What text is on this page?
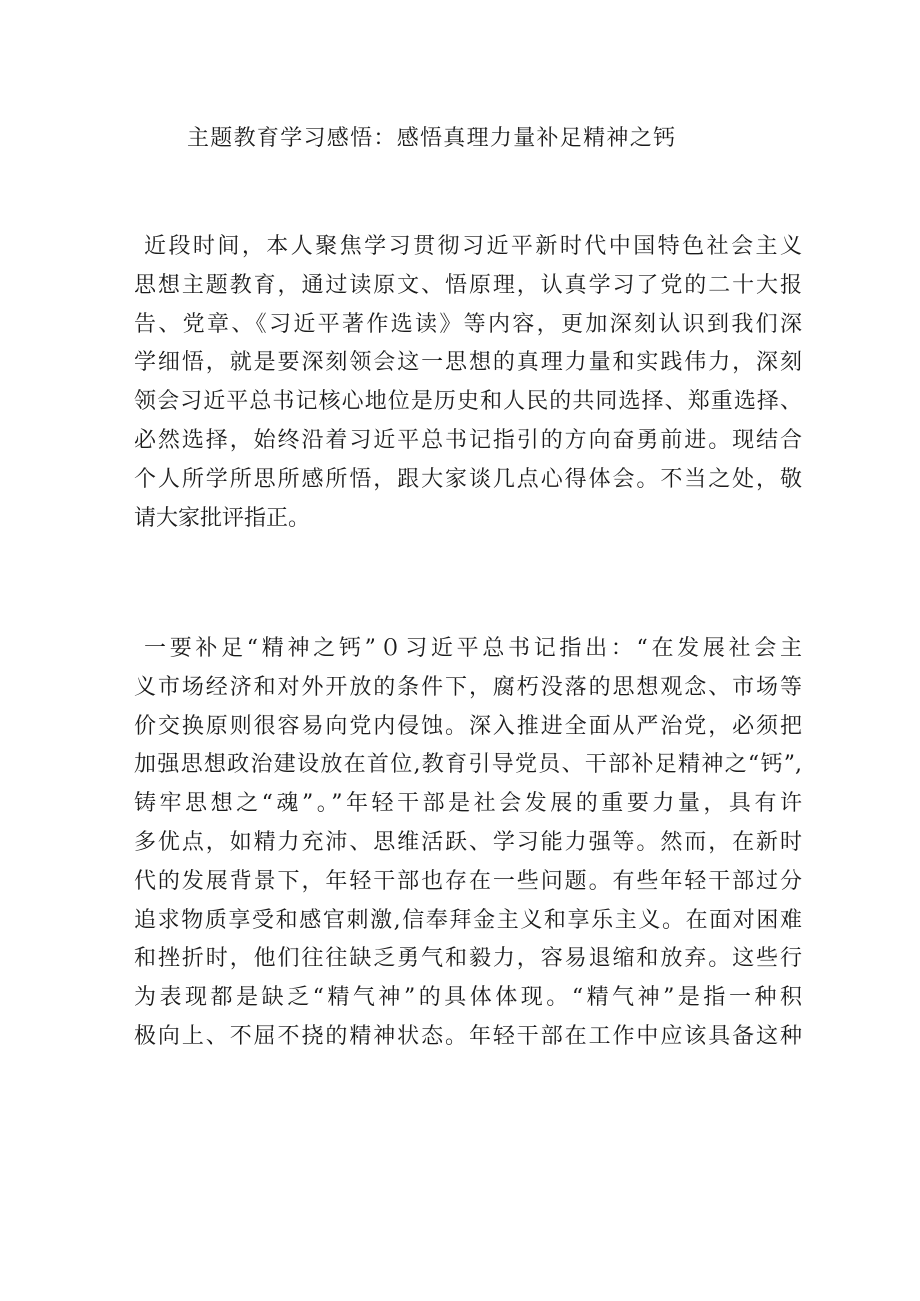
主题教育学习感悟：感悟真理力量补足精神之钙
近段时间，本人聚焦学习贯彻习近平新时代中国特色社会主义
思想主题教育，通过读原文、悟原理，认真学习了党的二十大报
告、党章、《习近平著作选读》等内容，更加深刻认识到我们深
学细悟，就是要深刻领会这一思想的真理力量和实践伟力，深刻
领会习近平总书记核心地位是历史和人民的共同选择、郑重选择、
必然选择，始终沿着习近平总书记指引的方向奋勇前进。现结合
个人所学所思所感所悟，跟大家谈几点心得体会。不当之处，敬
请大家批评指正。
一要补足“精神之钙”０习近平总书记指出：“在发展社会主
义市场经济和对外开放的条件下，腐朽没落的思想观念、市场等
价交换原则很容易向党内侵蚀。深入推进全面从严治党，必须把
加强思想政治建设放在首位,教育引导党员、干部补足精神之“钙”,
铸牢思想之“魂”。”年轻干部是社会发展的重要力量，具有许
多优点，如精力充沛、思维活跃、学习能力强等。然而，在新时
代的发展背景下，年轻干部也存在一些问题。有些年轻干部过分
追求物质享受和感官刺激,信奉拜金主义和享乐主义。在面对困难
和挫折时，他们往往缺乏勇气和毅力，容易退缩和放弃。这些行
为表现都是缺乏“精气神”的具体体现。“精气神”是指一种积
极向上、不屈不挠的精神状态。年轻干部在工作中应该具备这种
